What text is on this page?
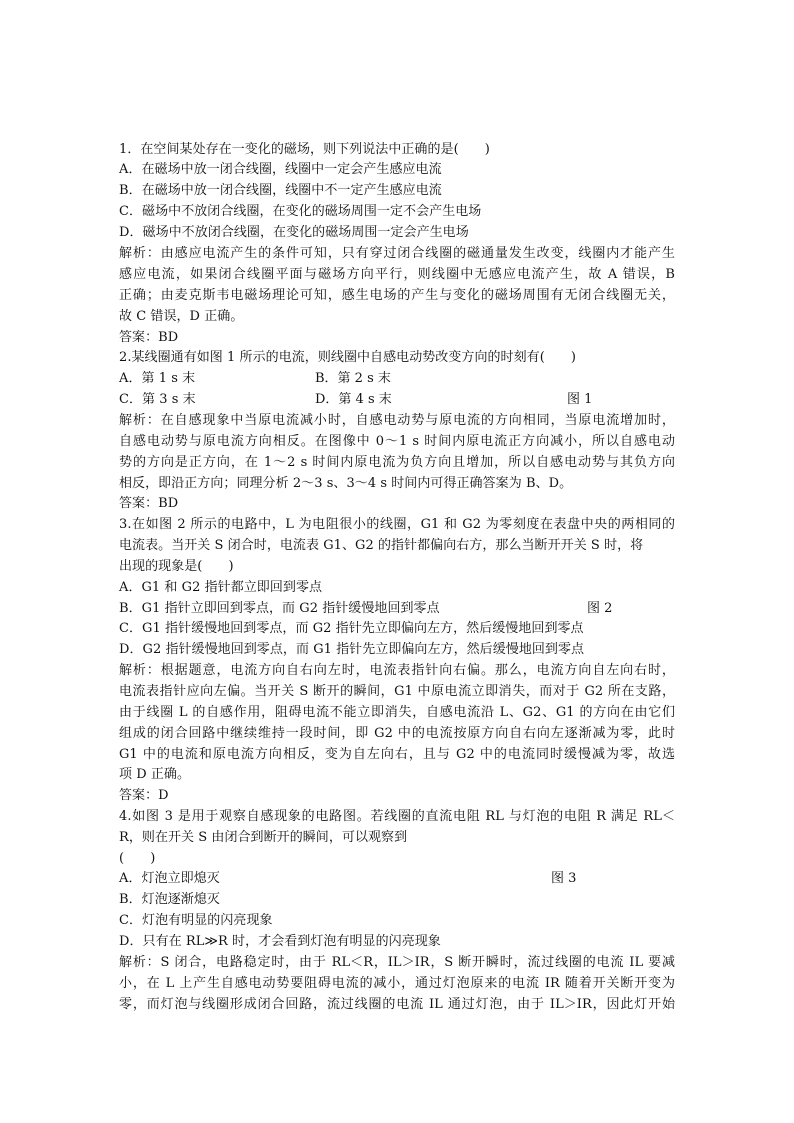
1．在空间某处存在一变化的磁场，则下列说法中正确的是(　　)
A．在磁场中放一闭合线圈，线圈中一定会产生感应电流
B．在磁场中放一闭合线圈，线圈中不一定产生感应电流
C．磁场中不放闭合线圈，在变化的磁场周围一定不会产生电场
D．磁场中不放闭合线圈，在变化的磁场周围一定会产生电场
解析：由感应电流产生的条件可知，只有穿过闭合线圈的磁通量发生改变，线圈内才能产生
感应电流，如果闭合线圈平面与磁场方向平行，则线圈中无感应电流产生，故 A 错误，B
正确；由麦克斯韦电磁场理论可知，感生电场的产生与变化的磁场周围有无闭合线圈无关，
故 C 错误，D 正确。
答案：BD
2.某线圈通有如图 1 所示的电流，则线圈中自感电动势改变方向的时刻有(　　)
A．第 1 s 末	B．第 2 s 末
C．第 3 s 末	D．第 4 s 末	图 1
解析：在自感现象中当原电流减小时，自感电动势与原电流的方向相同，当原电流增加时，
自感电动势与原电流方向相反。在图像中 0～1 s 时间内原电流正方向减小，所以自感电动
势的方向是正方向，在 1～2 s 时间内原电流为负方向且增加，所以自感电动势与其负方向
相反，即沿正方向；同理分析 2～3 s、3～4 s 时间内可得正确答案为 B、D。
答案：BD
3.在如图 2 所示的电路中，L 为电阻很小的线圈，G1 和 G2 为零刻度在表盘中央的两相同的
电流表。当开关 S 闭合时，电流表 G1、G2 的指针都偏向右方，那么当断开开关 S 时，将
出现的现象是(　　)
A．G1 和 G2 指针都立即回到零点
B．G1 指针立即回到零点，而 G2 指针缓慢地回到零点	图 2
C．G1 指针缓慢地回到零点，而 G2 指针先立即偏向左方，然后缓慢地回到零点
D．G2 指针缓慢地回到零点，而 G1 指针先立即偏向左方，然后缓慢地回到零点
解析：根据题意，电流方向自右向左时，电流表指针向右偏。那么，电流方向自左向右时，
电流表指针应向左偏。当开关 S 断开的瞬间，G1 中原电流立即消失，而对于 G2 所在支路，
由于线圈 L 的自感作用，阻碍电流不能立即消失，自感电流沿 L、G2、G1 的方向在由它们
组成的闭合回路中继续维持一段时间，即 G2 中的电流按原方向自右向左逐渐减为零，此时
G1 中的电流和原电流方向相反，变为自左向右，且与 G2 中的电流同时缓慢减为零，故选
项 D 正确。
答案：D
4.如图 3 是用于观察自感现象的电路图。若线圈的直流电阻 RL 与灯泡的电阻 R 满足 RL＜
R，则在开关 S 由闭合到断开的瞬间，可以观察到
(　　)
A．灯泡立即熄灭	图 3
B．灯泡逐渐熄灭
C．灯泡有明显的闪亮现象
D．只有在 RL≫R 时，才会看到灯泡有明显的闪亮现象
解析：S 闭合，电路稳定时，由于 RL＜R，IL＞IR，S 断开瞬时，流过线圈的电流 IL 要减
小，在 L 上产生自感电动势要阻碍电流的减小，通过灯泡原来的电流 IR 随着开关断开变为
零，而灯泡与线圈形成闭合回路，流过线圈的电流 IL 通过灯泡，由于 IL＞IR，因此灯开始
